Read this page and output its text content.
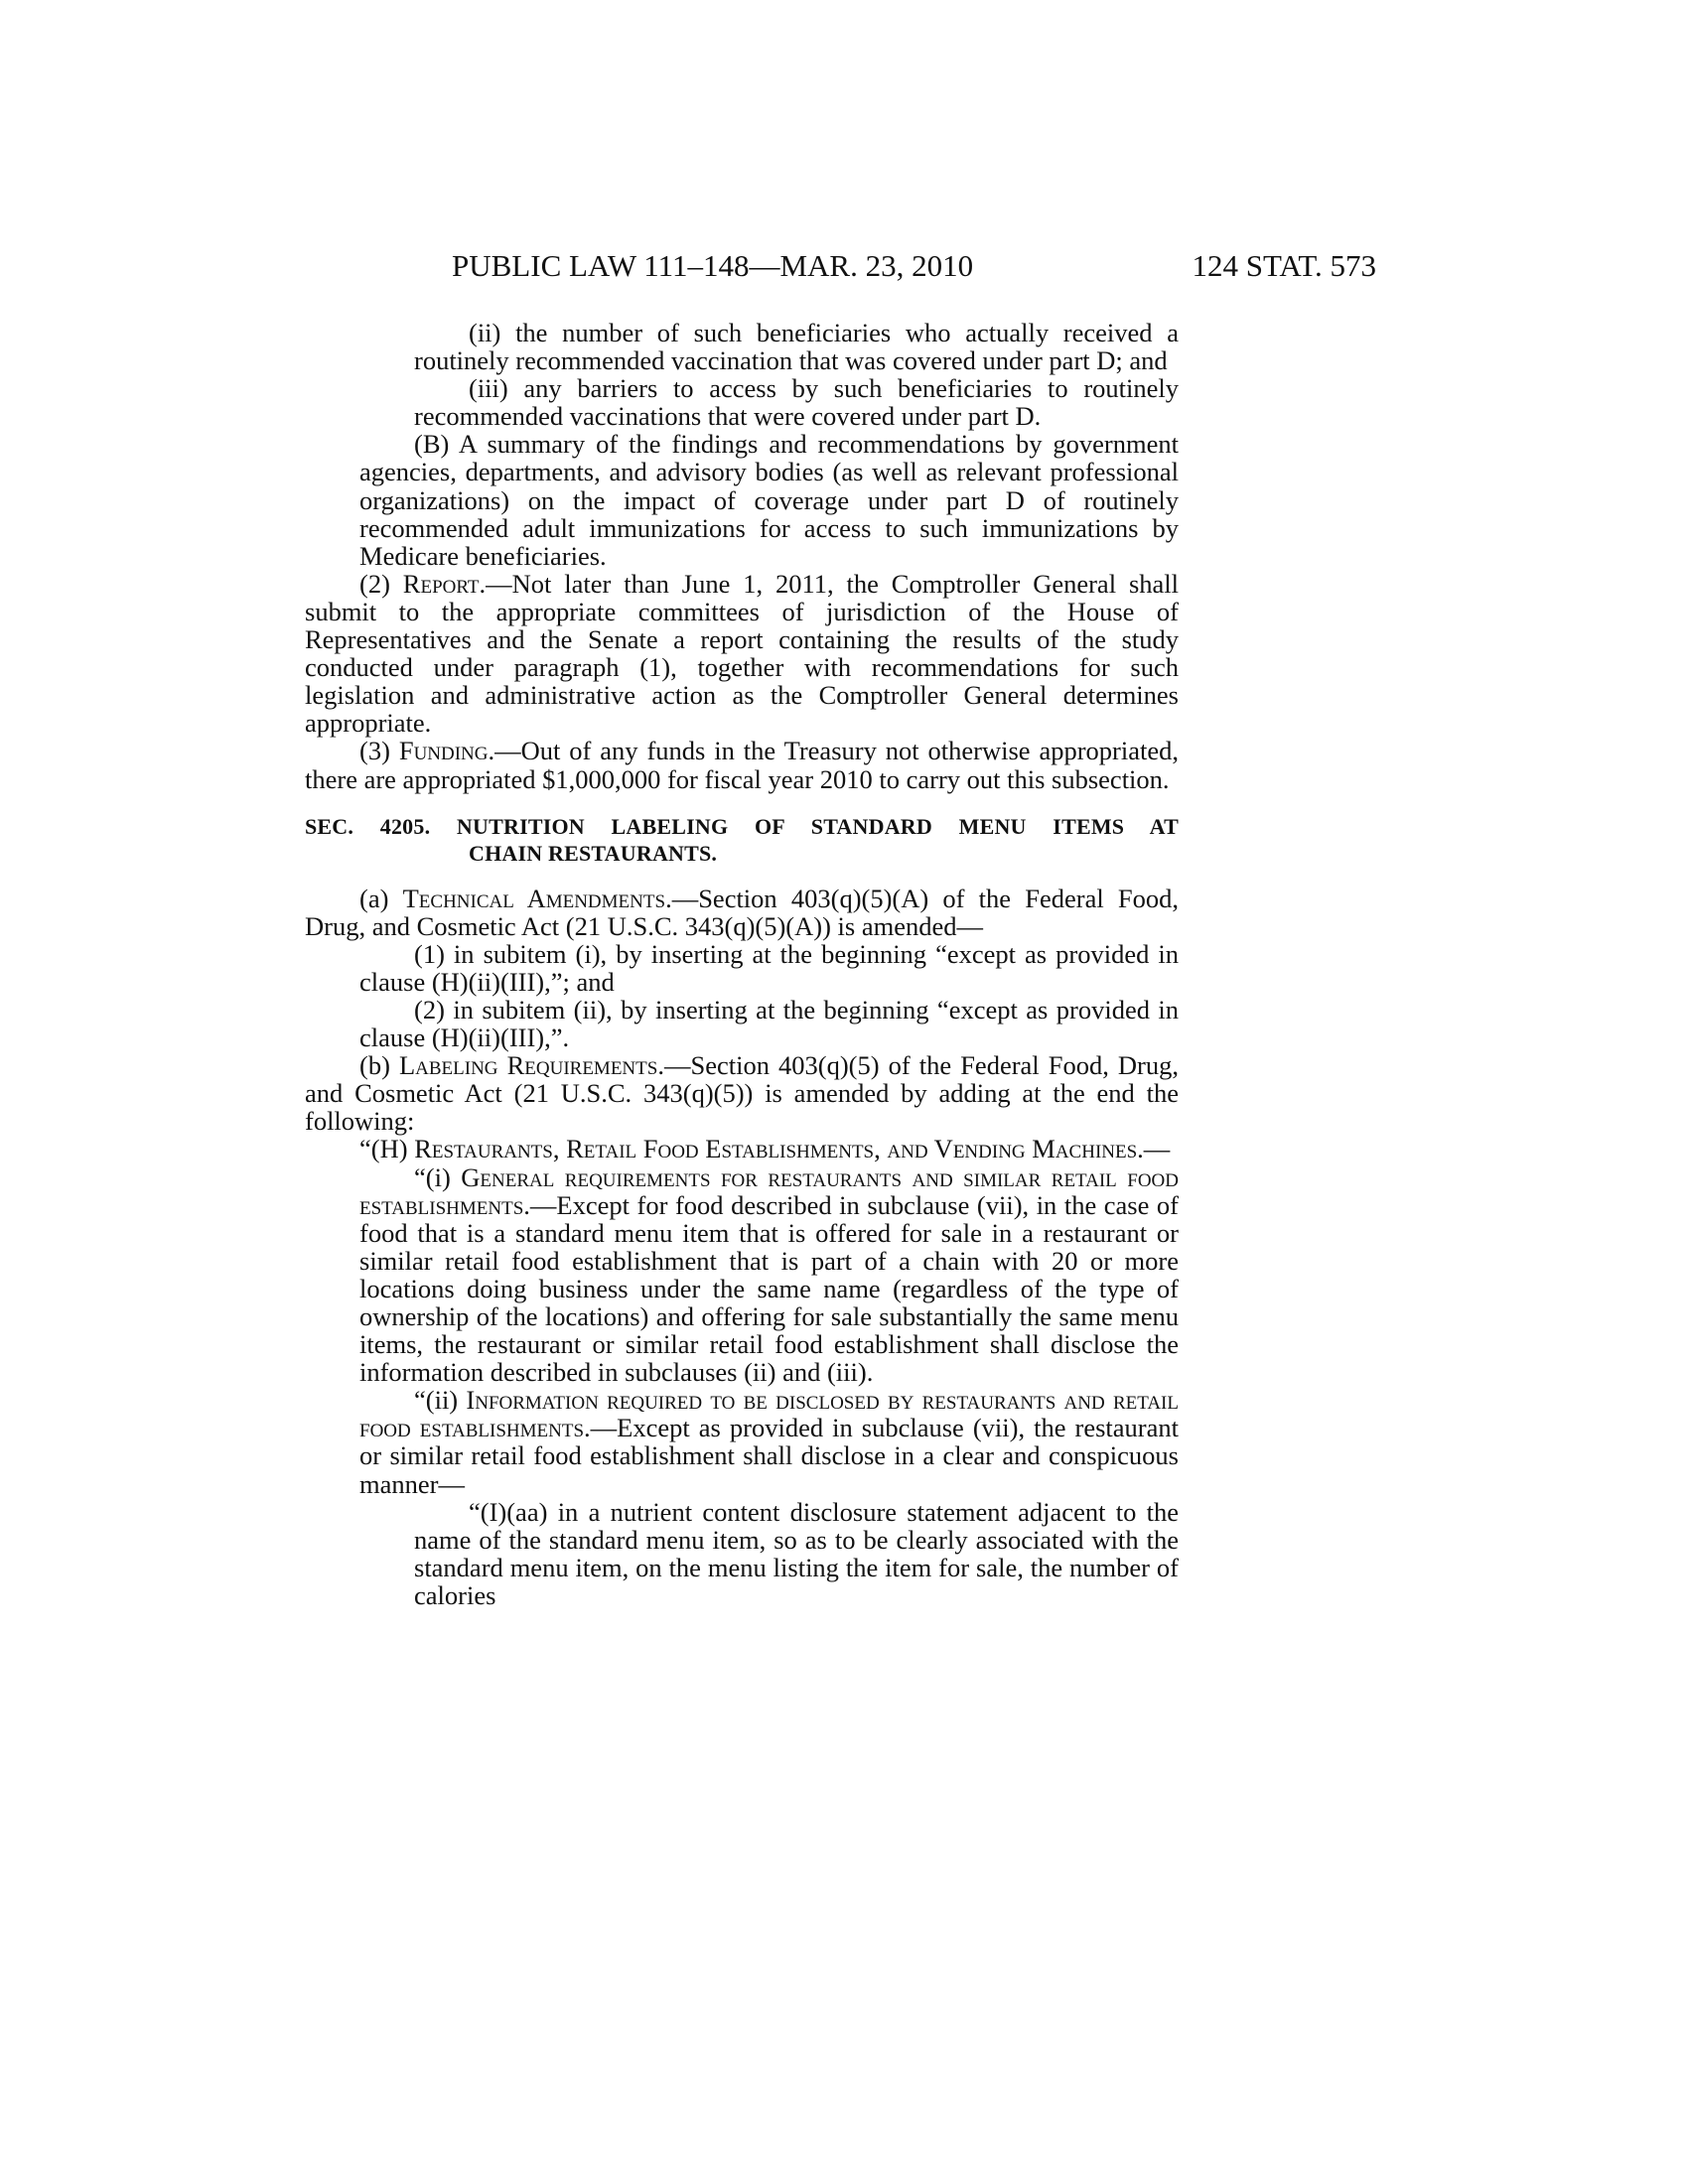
PUBLIC LAW 111–148—MAR. 23, 2010	124 STAT. 573

(ii) the number of such beneficiaries who actually received a routinely recommended vaccination that was covered under part D; and

(iii) any barriers to access by such beneficiaries to routinely recommended vaccinations that were covered under part D.

(B) A summary of the findings and recommendations by government agencies, departments, and advisory bodies (as well as relevant professional organizations) on the impact of coverage under part D of routinely recommended adult immunizations for access to such immunizations by Medicare beneficiaries.

(2) Report.—Not later than June 1, 2011, the Comptroller General shall submit to the appropriate committees of jurisdiction of the House of Representatives and the Senate a report containing the results of the study conducted under paragraph (1), together with recommendations for such legislation and administrative action as the Comptroller General determines appropriate.

(3) Funding.—Out of any funds in the Treasury not otherwise appropriated, there are appropriated $1,000,000 for fiscal year 2010 to carry out this subsection.

SEC. 4205. NUTRITION LABELING OF STANDARD MENU ITEMS AT
CHAIN RESTAURANTS.

(a) Technical Amendments.—Section 403(q)(5)(A) of the Federal Food, Drug, and Cosmetic Act (21 U.S.C. 343(q)(5)(A)) is amended—

(1) in subitem (i), by inserting at the beginning “except as provided in clause (H)(ii)(III),”; and

(2) in subitem (ii), by inserting at the beginning “except as provided in clause (H)(ii)(III),”.

(b) Labeling Requirements.—Section 403(q)(5) of the Federal Food, Drug, and Cosmetic Act (21 U.S.C. 343(q)(5)) is amended by adding at the end the following:

“(H) Restaurants, Retail Food Establishments, and Vending Machines.—

“(i) General requirements for restaurants and similar retail food establishments.—Except for food described in subclause (vii), in the case of food that is a standard menu item that is offered for sale in a restaurant or similar retail food establishment that is part of a chain with 20 or more locations doing business under the same name (regardless of the type of ownership of the locations) and offering for sale substantially the same menu items, the restaurant or similar retail food establishment shall disclose the information described in subclauses (ii) and (iii).

“(ii) Information required to be disclosed by restaurants and retail food establishments.—Except as provided in subclause (vii), the restaurant or similar retail food establishment shall disclose in a clear and conspicuous manner—

“(I)(aa) in a nutrient content disclosure statement adjacent to the name of the standard menu item, so as to be clearly associated with the standard menu item, on the menu listing the item for sale, the number of calories
